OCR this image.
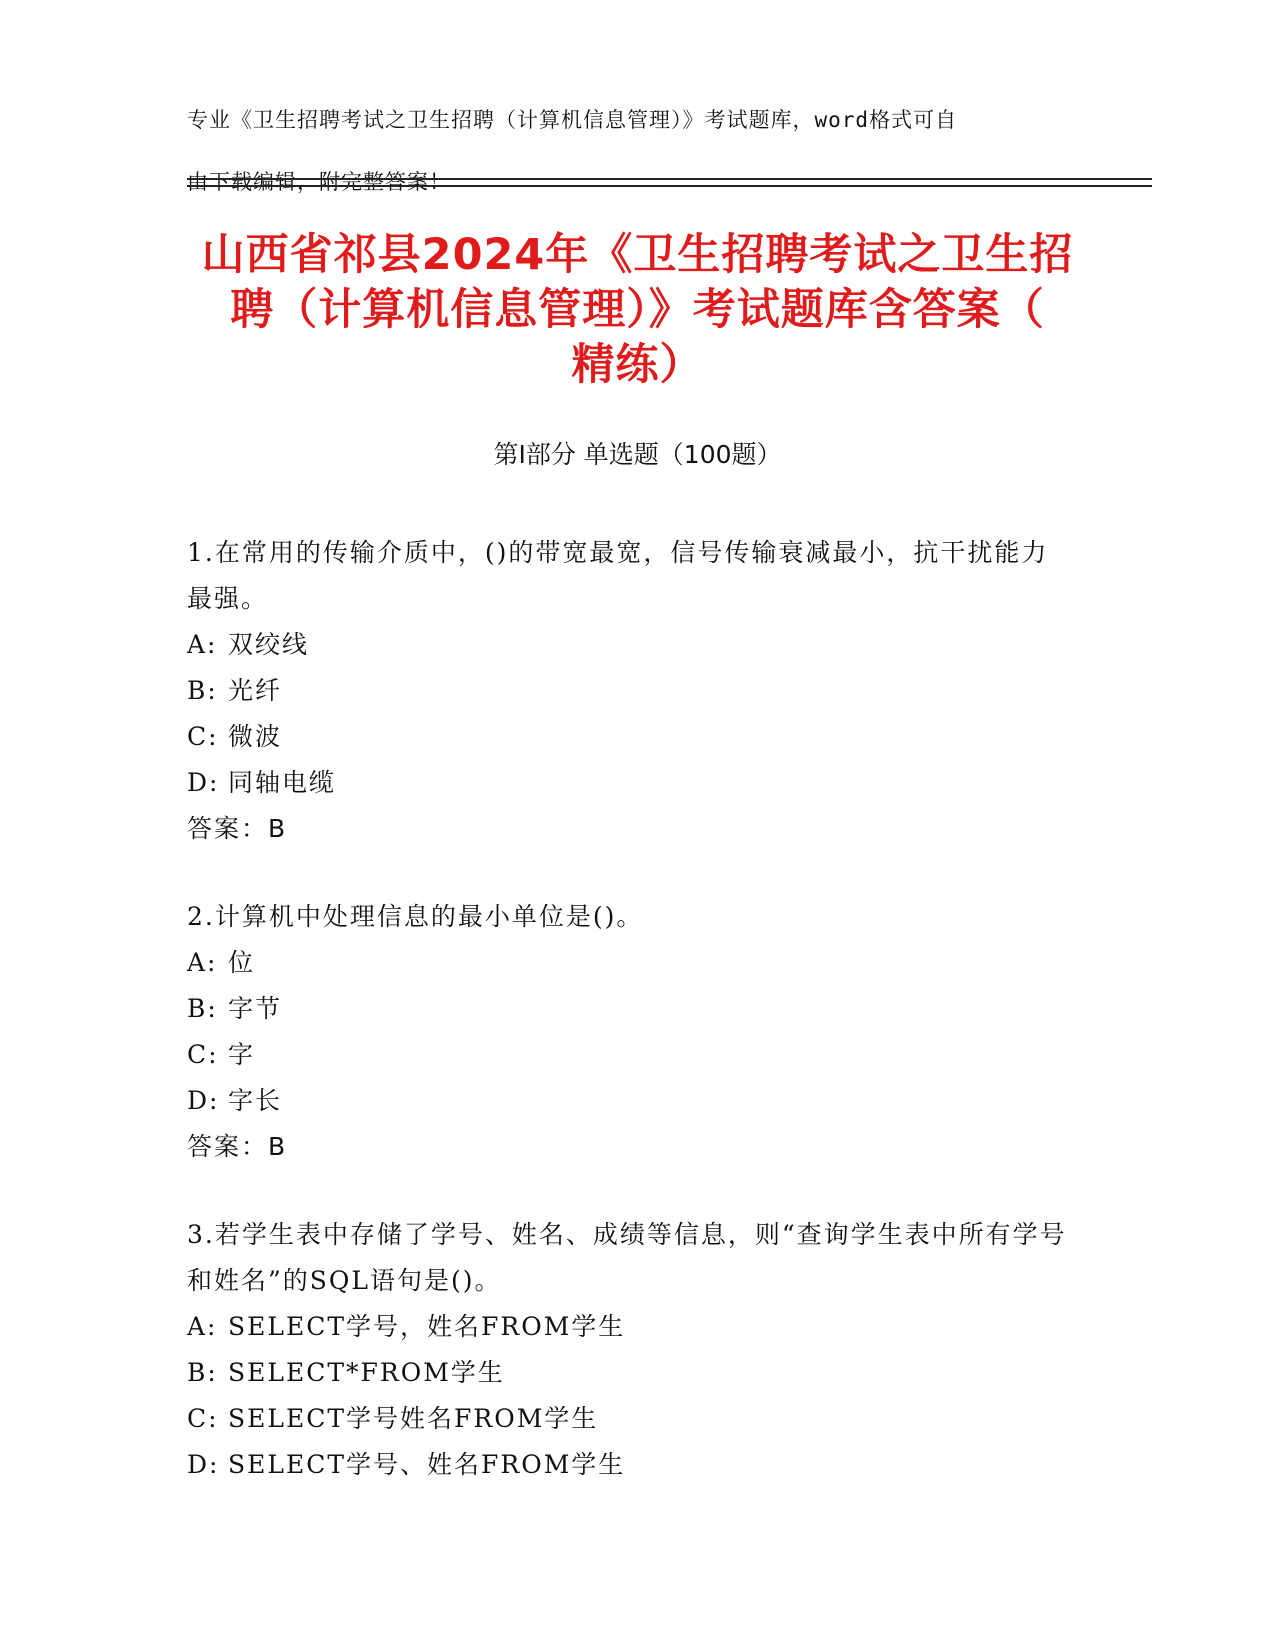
专业《卫生招聘考试之卫生招聘（计算机信息管理）》考试题库，word格式可自

由下载编辑，附完整答案！

山西省祁县2024年《卫生招聘考试之卫生招
聘（计算机信息管理）》考试题库含答案（
精练）
第Ⅰ部分 单选题（100题）

1.在常用的传输介质中，()的带宽最宽，信号传输衰减最小，抗干扰能力最强。

A: 双绞线
B: 光纤
C: 微波
D: 同轴电缆

答案：B

2.计算机中处理信息的最小单位是()。

A: 位
B: 字节
C: 字
D: 字长

答案：B

3.若学生表中存储了学号、姓名、成绩等信息，则“查询学生表中所有学号和姓名”的SQL语句是()。

A: SELECT学号，姓名FROM学生
B: SELECT*FROM学生
C: SELECT学号姓名FROM学生
D: SELECT学号、姓名FROM学生
